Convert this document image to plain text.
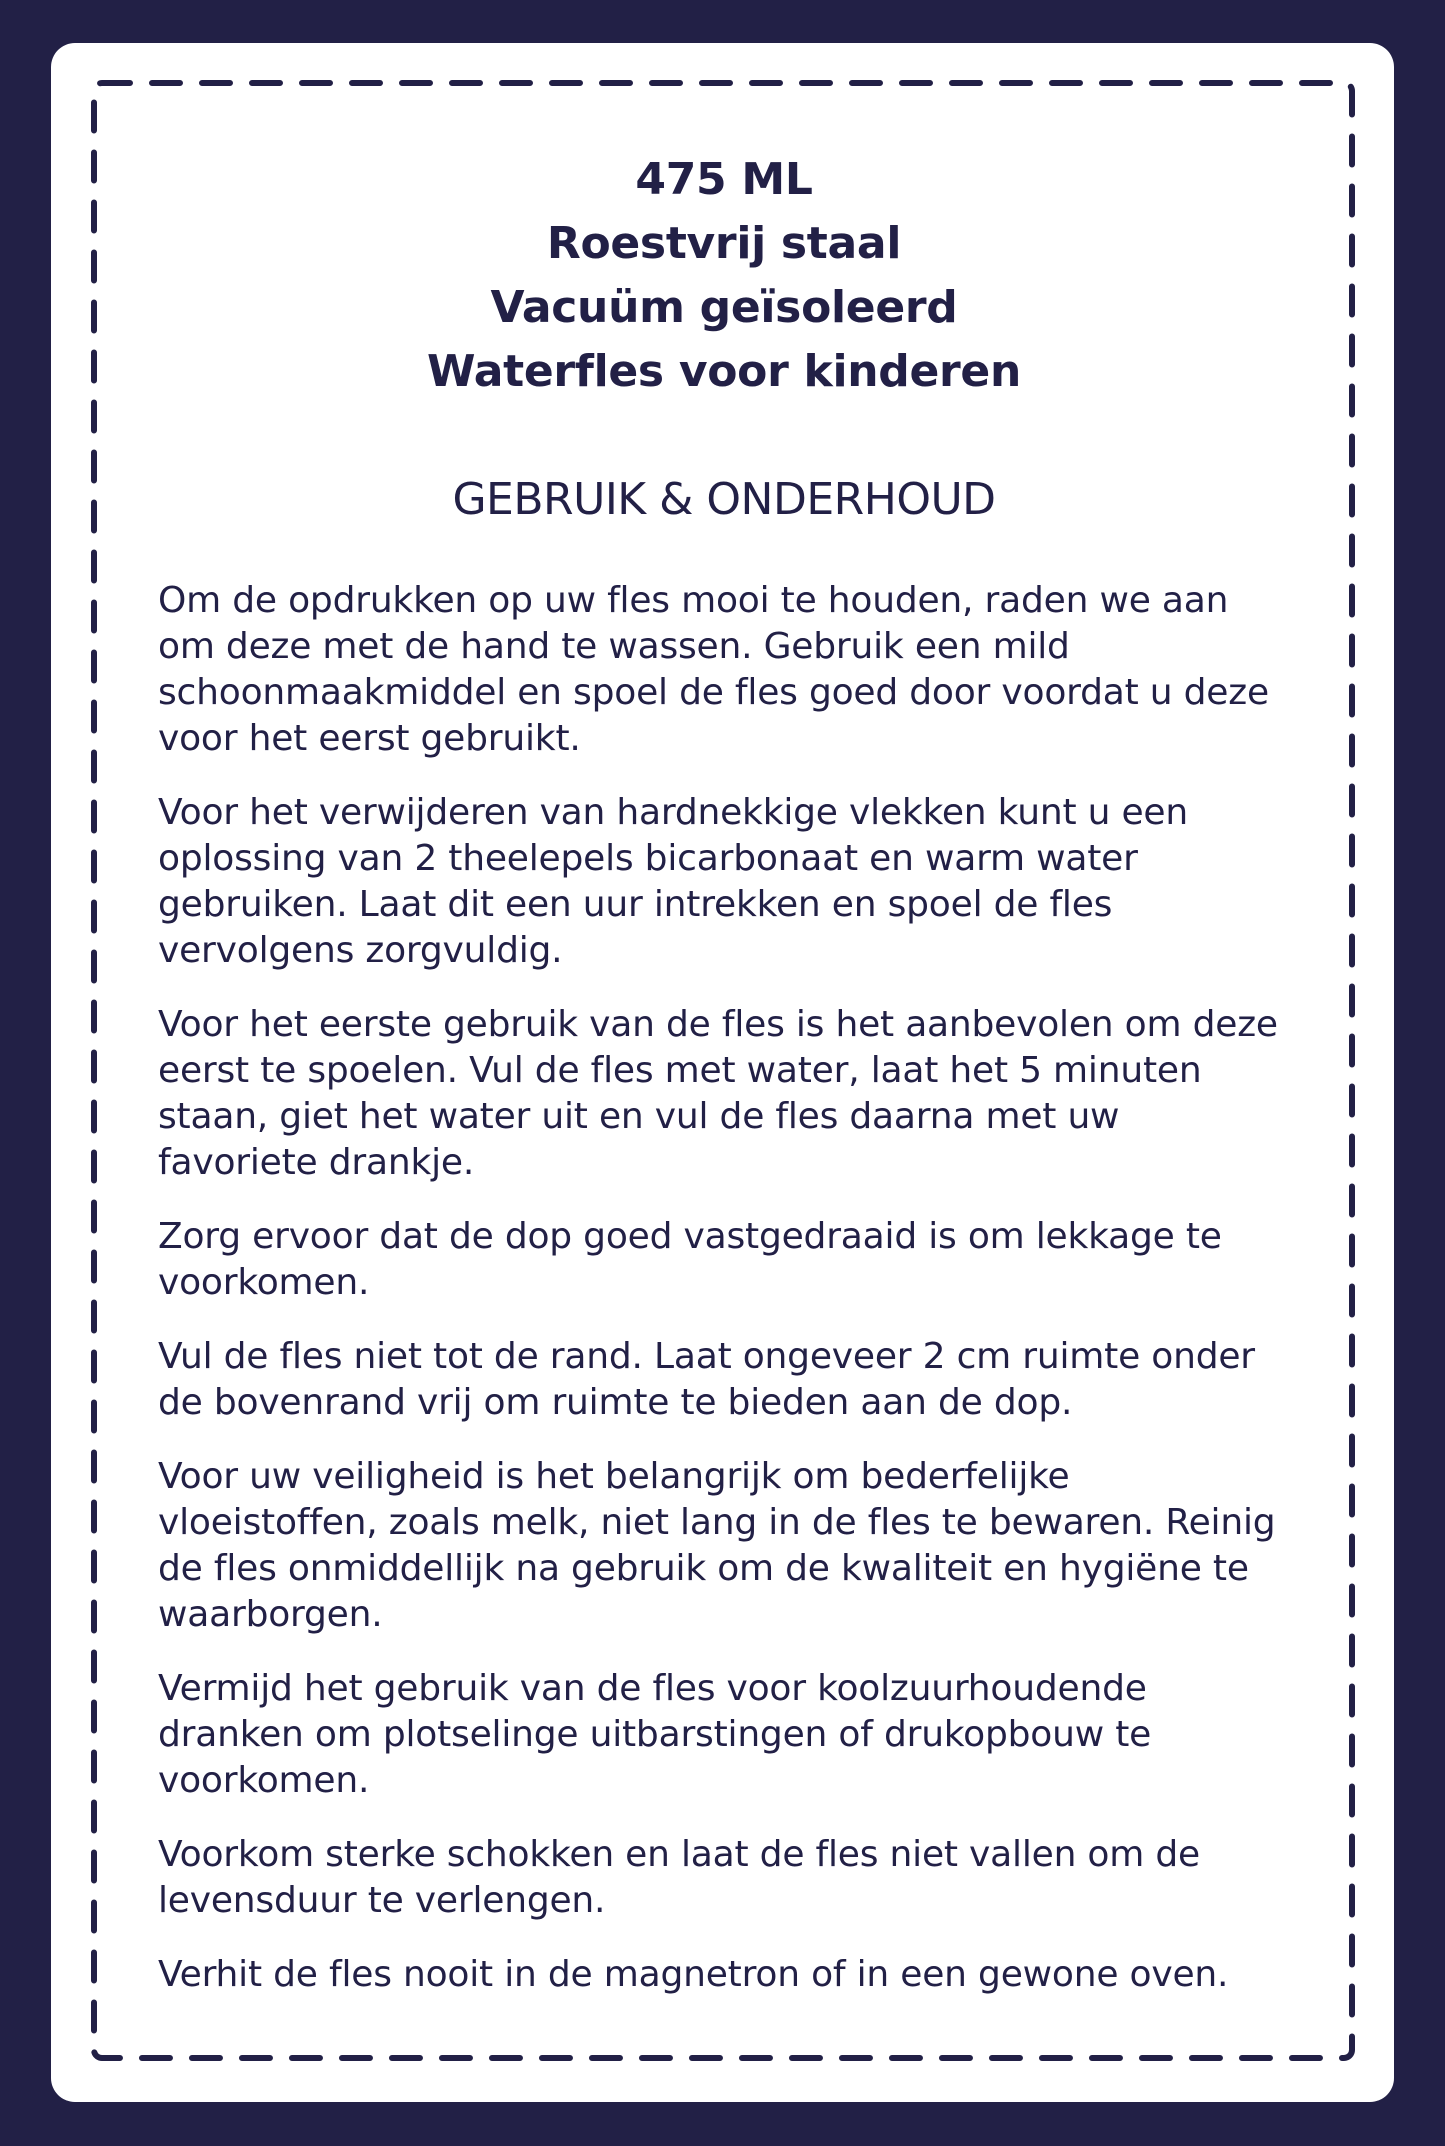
475 ML
Roestvrij staal
Vacuüm geïsoleerd
Waterfles voor kinderen
GEBRUIK & ONDERHOUD

Om de opdrukken op uw fles mooi te houden, raden we aan om deze met de hand te wassen. Gebruik een mild schoonmaakmiddel en spoel de fles goed door voordat u deze voor het eerst gebruikt.

Voor het verwijderen van hardnekkige vlekken kunt u een oplossing van 2 theelepels bicarbonaat en warm water gebruiken. Laat dit een uur intrekken en spoel de fles vervolgens zorgvuldig.

Voor het eerste gebruik van de fles is het aanbevolen om deze eerst te spoelen. Vul de fles met water, laat het 5 minuten staan, giet het water uit en vul de fles daarna met uw favoriete drankje.

Zorg ervoor dat de dop goed vastgedraaid is om lekkage te voorkomen.

Vul de fles niet tot de rand. Laat ongeveer 2 cm ruimte onder de bovenrand vrij om ruimte te bieden aan de dop.

Voor uw veiligheid is het belangrijk om bederfelijke vloeistoffen, zoals melk, niet lang in de fles te bewaren. Reinig de fles onmiddellijk na gebruik om de kwaliteit en hygiëne te waarborgen.

Vermijd het gebruik van de fles voor koolzuurhoudende dranken om plotselinge uitbarstingen of drukopbouw te voorkomen.

Voorkom sterke schokken en laat de fles niet vallen om de levensduur te verlengen.

Verhit de fles nooit in de magnetron of in een gewone oven.
